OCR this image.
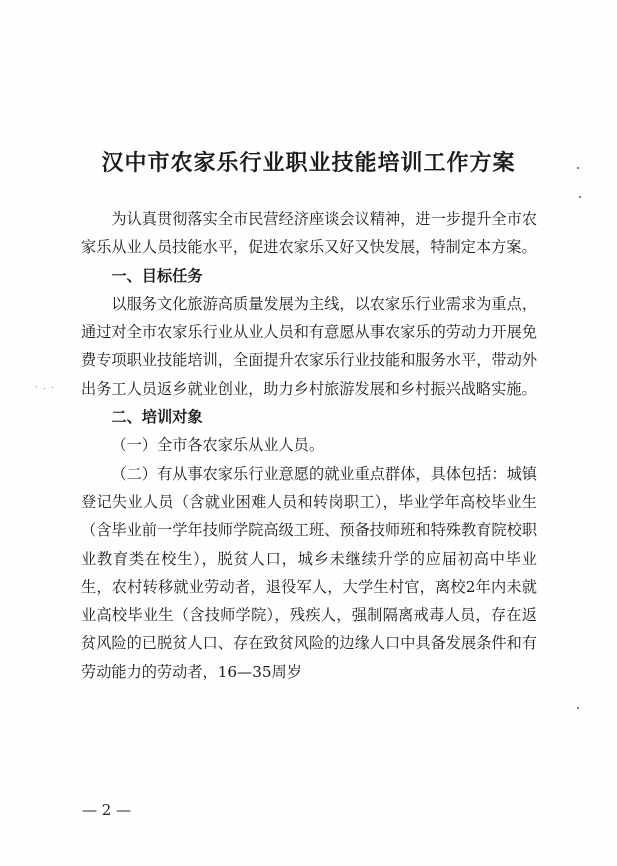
汉中市农家乐行业职业技能培训工作方案

为认真贯彻落实全市民营经济座谈会议精神，进一步提升全市农家乐从业人员技能水平，促进农家乐又好又快发展，特制定本方案。

一、目标任务

以服务文化旅游高质量发展为主线，以农家乐行业需求为重点，通过对全市农家乐行业从业人员和有意愿从事农家乐的劳动力开展免费专项职业技能培训，全面提升农家乐行业技能和服务水平，带动外出务工人员返乡就业创业，助力乡村旅游发展和乡村振兴战略实施。

二、培训对象

（一）全市各农家乐从业人员。

（二）有从事农家乐行业意愿的就业重点群体，具体包括：城镇登记失业人员（含就业困难人员和转岗职工），毕业学年高校毕业生（含毕业前一学年技师学院高级工班、预备技师班和特殊教育院校职业教育类在校生），脱贫人口，城乡未继续升学的应届初高中毕业生，农村转移就业劳动者，退役军人，大学生村官，离校2年内未就业高校毕业生（含技师学院），残疾人，强制隔离戒毒人员，存在返贫风险的已脱贫人口、存在致贫风险的边缘人口中具备发展条件和有劳动能力的劳动者，16—35周岁

— 2 —
